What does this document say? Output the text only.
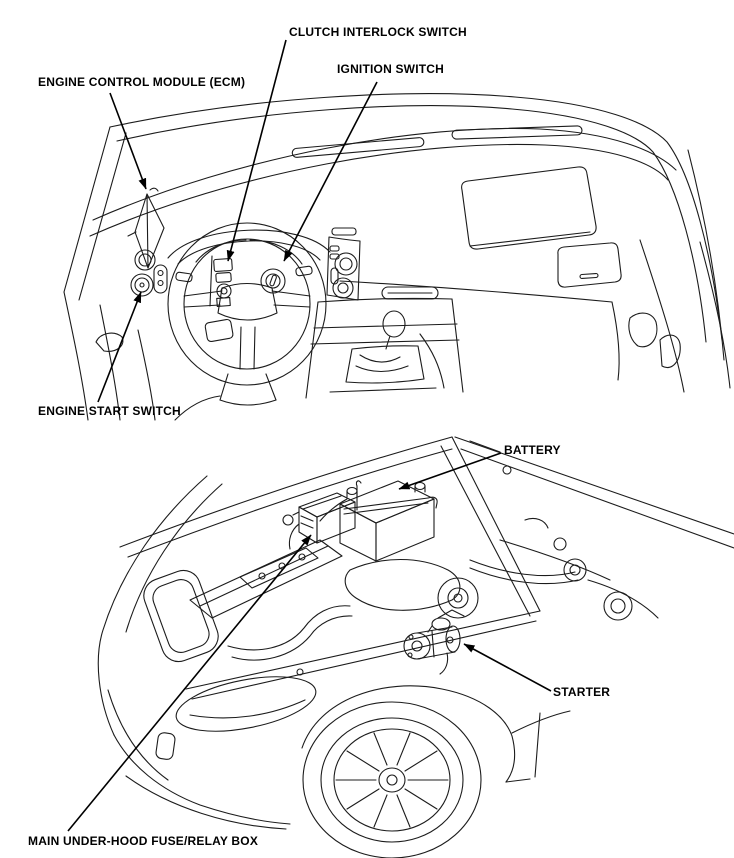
ENGINE CONTROL MODULE (ECM)
CLUTCH INTERLOCK SWITCH
IGNITION SWITCH
ENGINE START SWITCH
BATTERY
STARTER
MAIN UNDER-HOOD FUSE/RELAY BOX
